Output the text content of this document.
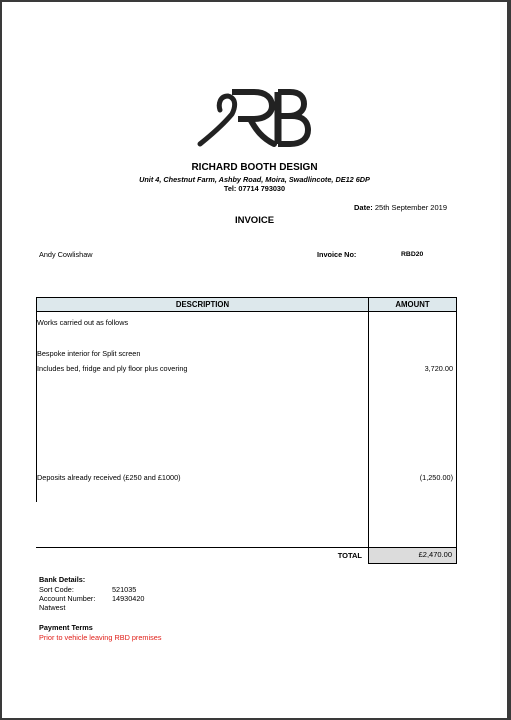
RICHARD BOOTH DESIGN
Unit 4, Chestnut Farm, Ashby Road, Moira, Swadlincote, DE12 6DP
Tel: 07714 793030
Date: 25th September 2019
INVOICE
Andy Cowlishaw	Invoice No:	RBD20
DESCRIPTION	AMOUNT
Works carried out as follows
Bespoke interior for Split screen
Includes bed, fridge and ply floor plus covering	3,720.00
Deposits already received (£250 and £1000)	(1,250.00)
TOTAL	£2,470.00
Bank Details:
Sort Code:	521035
Account Number: 14930420
Natwest
Payment Terms
Prior to vehicle leaving RBD premises
